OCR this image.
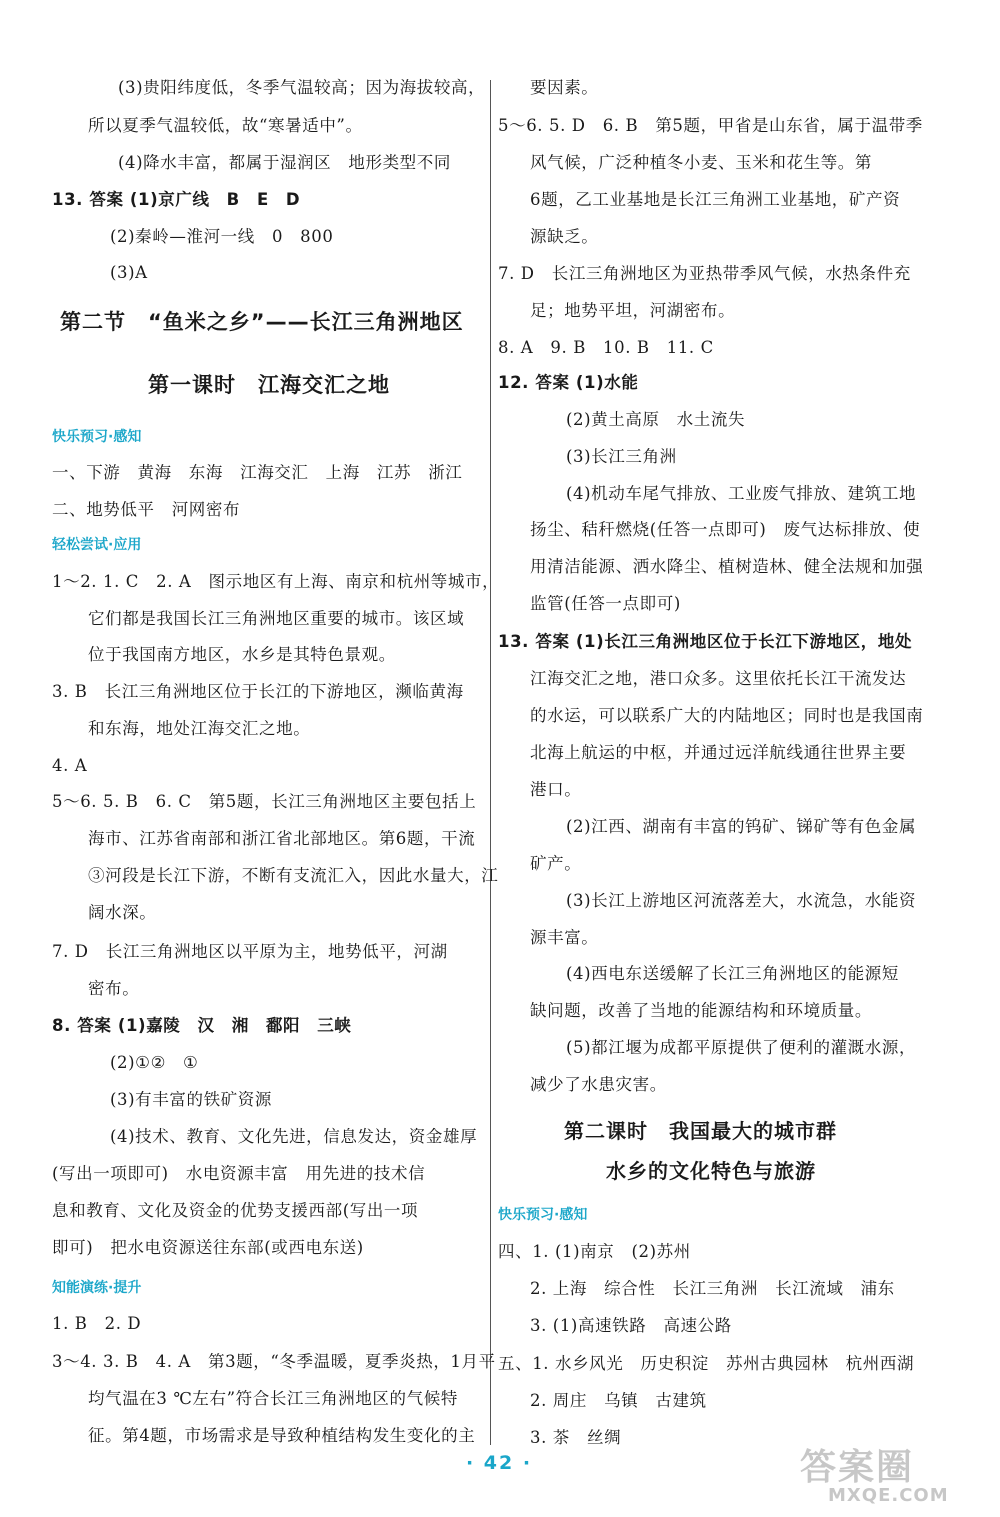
(3)贵阳纬度低，冬季气温较高；因为海拔较高，
所以夏季气温较低，故“寒暑适中”。
(4)降水丰富，都属于湿润区　地形类型不同
13. 答案 (1)京广线　B　E　D
(2)秦岭—淮河一线　0　800
(3)A
第二节　“鱼米之乡”——长江三角洲地区
第一课时　江海交汇之地
快乐预习·感知
一、下游　黄海　东海　江海交汇　上海　江苏　浙江
二、地势低平　河网密布
轻松尝试·应用
1～2. 1. C　2. A　图示地区有上海、南京和杭州等城市，
它们都是我国长江三角洲地区重要的城市。该区域
位于我国南方地区，水乡是其特色景观。
3. B　长江三角洲地区位于长江的下游地区，濒临黄海
和东海，地处江海交汇之地。
4. A
5～6. 5. B　6. C　第5题，长江三角洲地区主要包括上
海市、江苏省南部和浙江省北部地区。第6题，干流
③河段是长江下游，不断有支流汇入，因此水量大，江
阔水深。
7. D　长江三角洲地区以平原为主，地势低平，河湖
密布。
8. 答案 (1)嘉陵　汉　湘　鄱阳　三峡
(2)①②　①
(3)有丰富的铁矿资源
(4)技术、教育、文化先进，信息发达，资金雄厚
(写出一项即可)　水电资源丰富　用先进的技术信
息和教育、文化及资金的优势支援西部(写出一项
即可)　把水电资源送往东部(或西电东送)
知能演练·提升
1. B　2. D
3～4. 3. B　4. A　第3题，“冬季温暖，夏季炎热，1月平
均气温在3 ℃左右”符合长江三角洲地区的气候特
征。第4题，市场需求是导致种植结构发生变化的主
要因素。
5～6. 5. D　6. B　第5题，甲省是山东省，属于温带季
风气候，广泛种植冬小麦、玉米和花生等。第
6题，乙工业基地是长江三角洲工业基地，矿产资
源缺乏。
7. D　长江三角洲地区为亚热带季风气候，水热条件充
足；地势平坦，河湖密布。
8. A　9. B　10. B　11. C
12. 答案 (1)水能
(2)黄土高原　水土流失
(3)长江三角洲
(4)机动车尾气排放、工业废气排放、建筑工地
扬尘、秸秆燃烧(任答一点即可)　废气达标排放、使
用清洁能源、洒水降尘、植树造林、健全法规和加强
监管(任答一点即可)
13. 答案 (1)长江三角洲地区位于长江下游地区，地处
江海交汇之地，港口众多。这里依托长江干流发达
的水运，可以联系广大的内陆地区；同时也是我国南
北海上航运的中枢，并通过远洋航线通往世界主要
港口。
(2)江西、湖南有丰富的钨矿、锑矿等有色金属
矿产。
(3)长江上游地区河流落差大，水流急，水能资
源丰富。
(4)西电东送缓解了长江三角洲地区的能源短
缺问题，改善了当地的能源结构和环境质量。
(5)都江堰为成都平原提供了便利的灌溉水源，
减少了水患灾害。
第二课时　我国最大的城市群
水乡的文化特色与旅游
快乐预习·感知
四、1. (1)南京　(2)苏州
2. 上海　综合性　长江三角洲　长江流域　浦东
3. (1)高速铁路　高速公路
五、1. 水乡风光　历史积淀　苏州古典园林　杭州西湖
2. 周庄　乌镇　古建筑
3. 茶　丝绸
· 42 ·	答案圈
MXQE.COM
